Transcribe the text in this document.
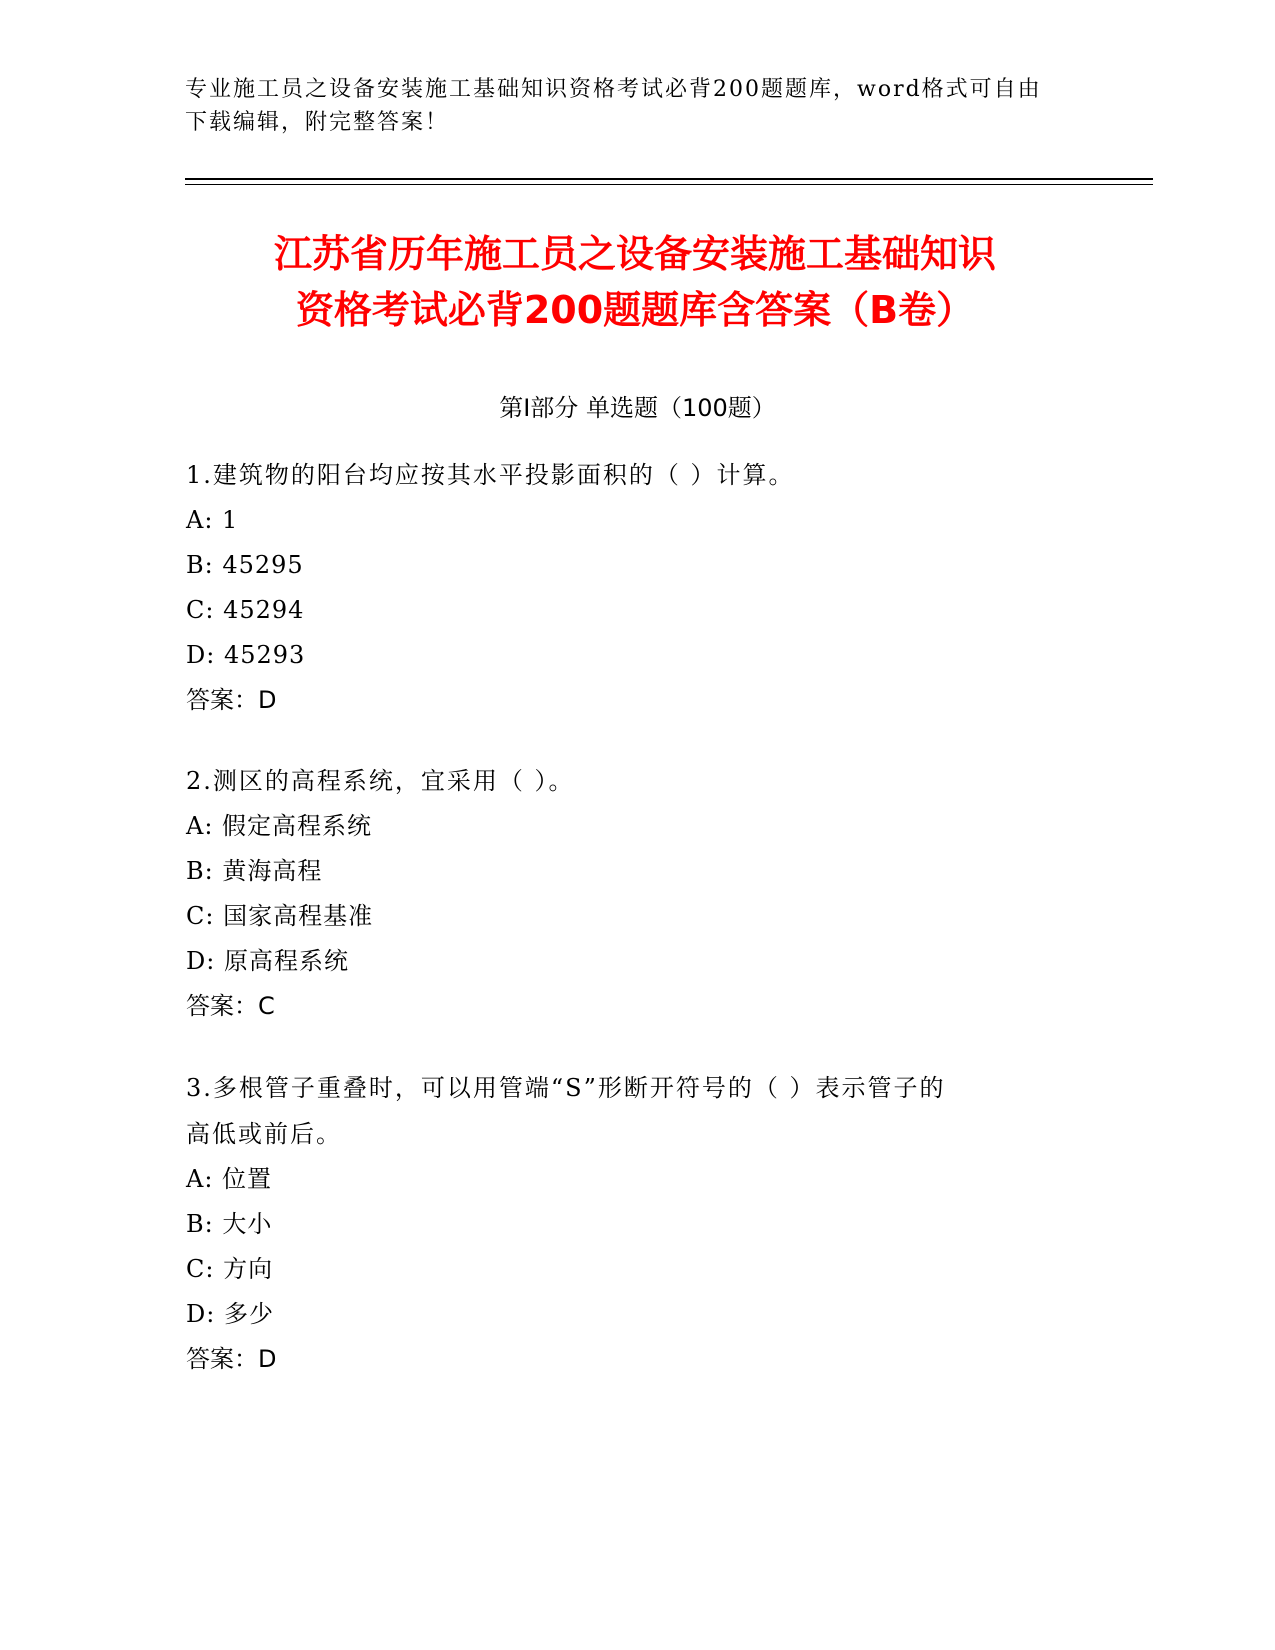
专业施工员之设备安装施工基础知识资格考试必背200题题库，word格式可自由
下载编辑，附完整答案！
江苏省历年施工员之设备安装施工基础知识
资格考试必背200题题库含答案（B卷）
第Ⅰ部分 单选题（100题）

1.建筑物的阳台均应按其水平投影面积的（ ）计算。

A: 1

B: 45295

C: 45294

D: 45293

答案：D

2.测区的高程系统，宜采用（ ）。

A: 假定高程系统

B: 黄海高程

C: 国家高程基准

D: 原高程系统

答案：C

3.多根管子重叠时，可以用管端“S”形断开符号的（ ）表示管子的

高低或前后。

A: 位置

B: 大小

C: 方向

D: 多少

答案：D
